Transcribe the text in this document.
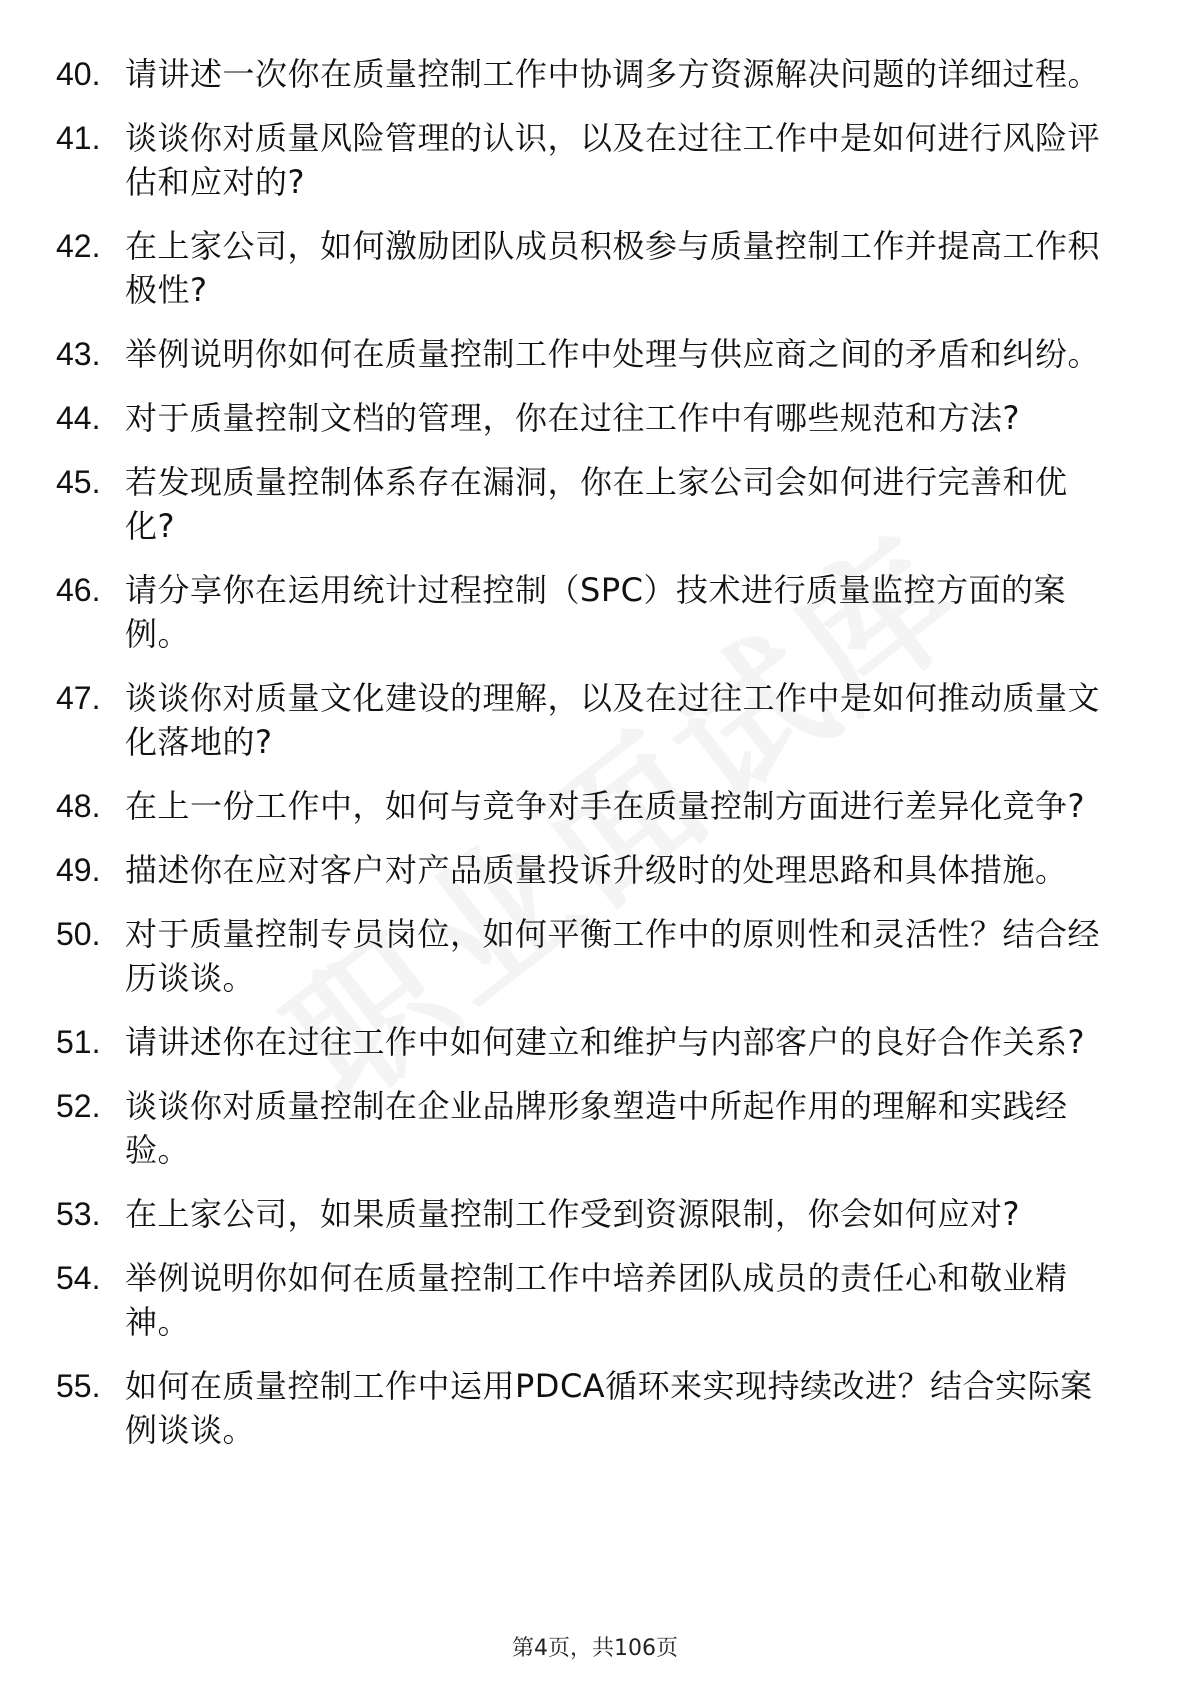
40. 请讲述一次你在质量控制工作中协调多方资源解决问题的详细过程。
41. 谈谈你对质量风险管理的认识，以及在过往工作中是如何进行风险评估和应对的?
42. 在上家公司，如何激励团队成员积极参与质量控制工作并提高工作积极性?
43. 举例说明你如何在质量控制工作中处理与供应商之间的矛盾和纠纷。
44. 对于质量控制文档的管理，你在过往工作中有哪些规范和方法?
45. 若发现质量控制体系存在漏洞，你在上家公司会如何进行完善和优化?
46. 请分享你在运用统计过程控制（SPC）技术进行质量监控方面的案例。
47. 谈谈你对质量文化建设的理解，以及在过往工作中是如何推动质量文化落地的?
48. 在上一份工作中，如何与竞争对手在质量控制方面进行差异化竞争?
49. 描述你在应对客户对产品质量投诉升级时的处理思路和具体措施。
50. 对于质量控制专员岗位，如何平衡工作中的原则性和灵活性？结合经历谈谈。
51. 请讲述你在过往工作中如何建立和维护与内部客户的良好合作关系?
52. 谈谈你对质量控制在企业品牌形象塑造中所起作用的理解和实践经验。
53. 在上家公司，如果质量控制工作受到资源限制，你会如何应对?
54. 举例说明你如何在质量控制工作中培养团队成员的责任心和敬业精神。
55. 如何在质量控制工作中运用PDCA循环来实现持续改进？结合实际案例谈谈。
第4页，共106页
